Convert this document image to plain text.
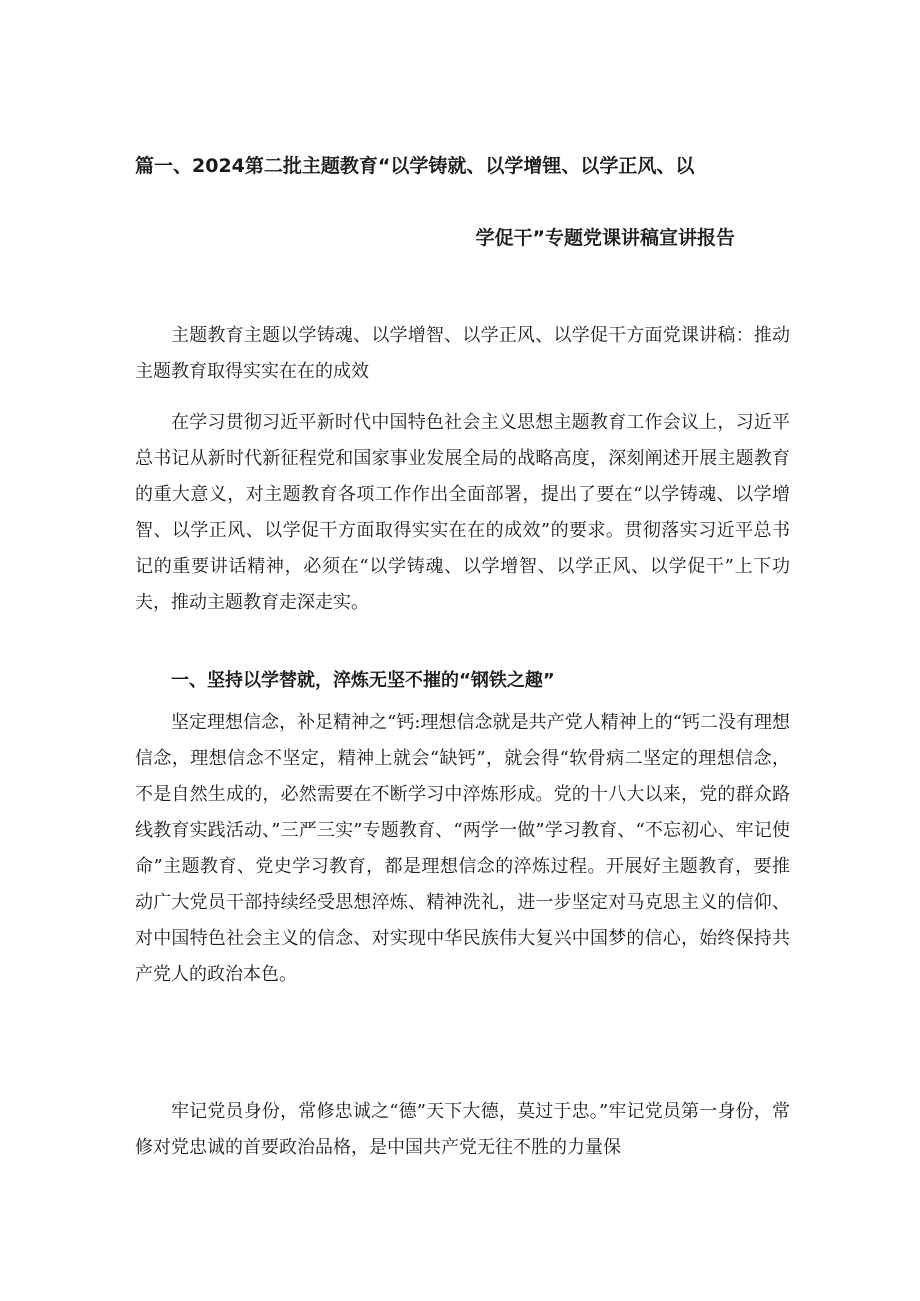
篇一、2024第二批主题教育“以学铸就、以学增锂、以学正风、以
学促干”专题党课讲稿宣讲报告

主题教育主题以学铸魂、以学增智、以学正风、以学促干方面党课讲稿：推动主题教育取得实实在在的成效

在学习贯彻习近平新时代中国特色社会主义思想主题教育工作会议上，习近平总书记从新时代新征程党和国家事业发展全局的战略高度，深刻阐述开展主题教育的重大意义，对主题教育各项工作作出全面部署，提出了要在“以学铸魂、以学增智、以学正风、以学促干方面取得实实在在的成效”的要求。贯彻落实习近平总书记的重要讲话精神，必须在“以学铸魂、以学增智、以学正风、以学促干”上下功夫，推动主题教育走深走实。

一、坚持以学替就，淬炼无坚不摧的“钢铁之趣”

坚定理想信念，补足精神之“钙:理想信念就是共产党人精神上的“钙二没有理想信念，理想信念不坚定，精神上就会“缺钙”，就会得“软骨病二坚定的理想信念，不是自然生成的，必然需要在不断学习中淬炼形成。党的十八大以来，党的群众路线教育实践活动、”三严三实”专题教育、“两学一做”学习教育、“不忘初心、牢记使命”主题教育、党史学习教育，都是理想信念的淬炼过程。开展好主题教育，要推动广大党员干部持续经受思想淬炼、精神洗礼，进一步坚定对马克思主义的信仰、对中国特色社会主义的信念、对实现中华民族伟大复兴中国梦的信心，始终保持共产党人的政治本色。

牢记党员身份，常修忠诚之“德”天下大德，莫过于忠。”牢记党员第一身份，常修对党忠诚的首要政治品格，是中国共产党无往不胜的力量保
